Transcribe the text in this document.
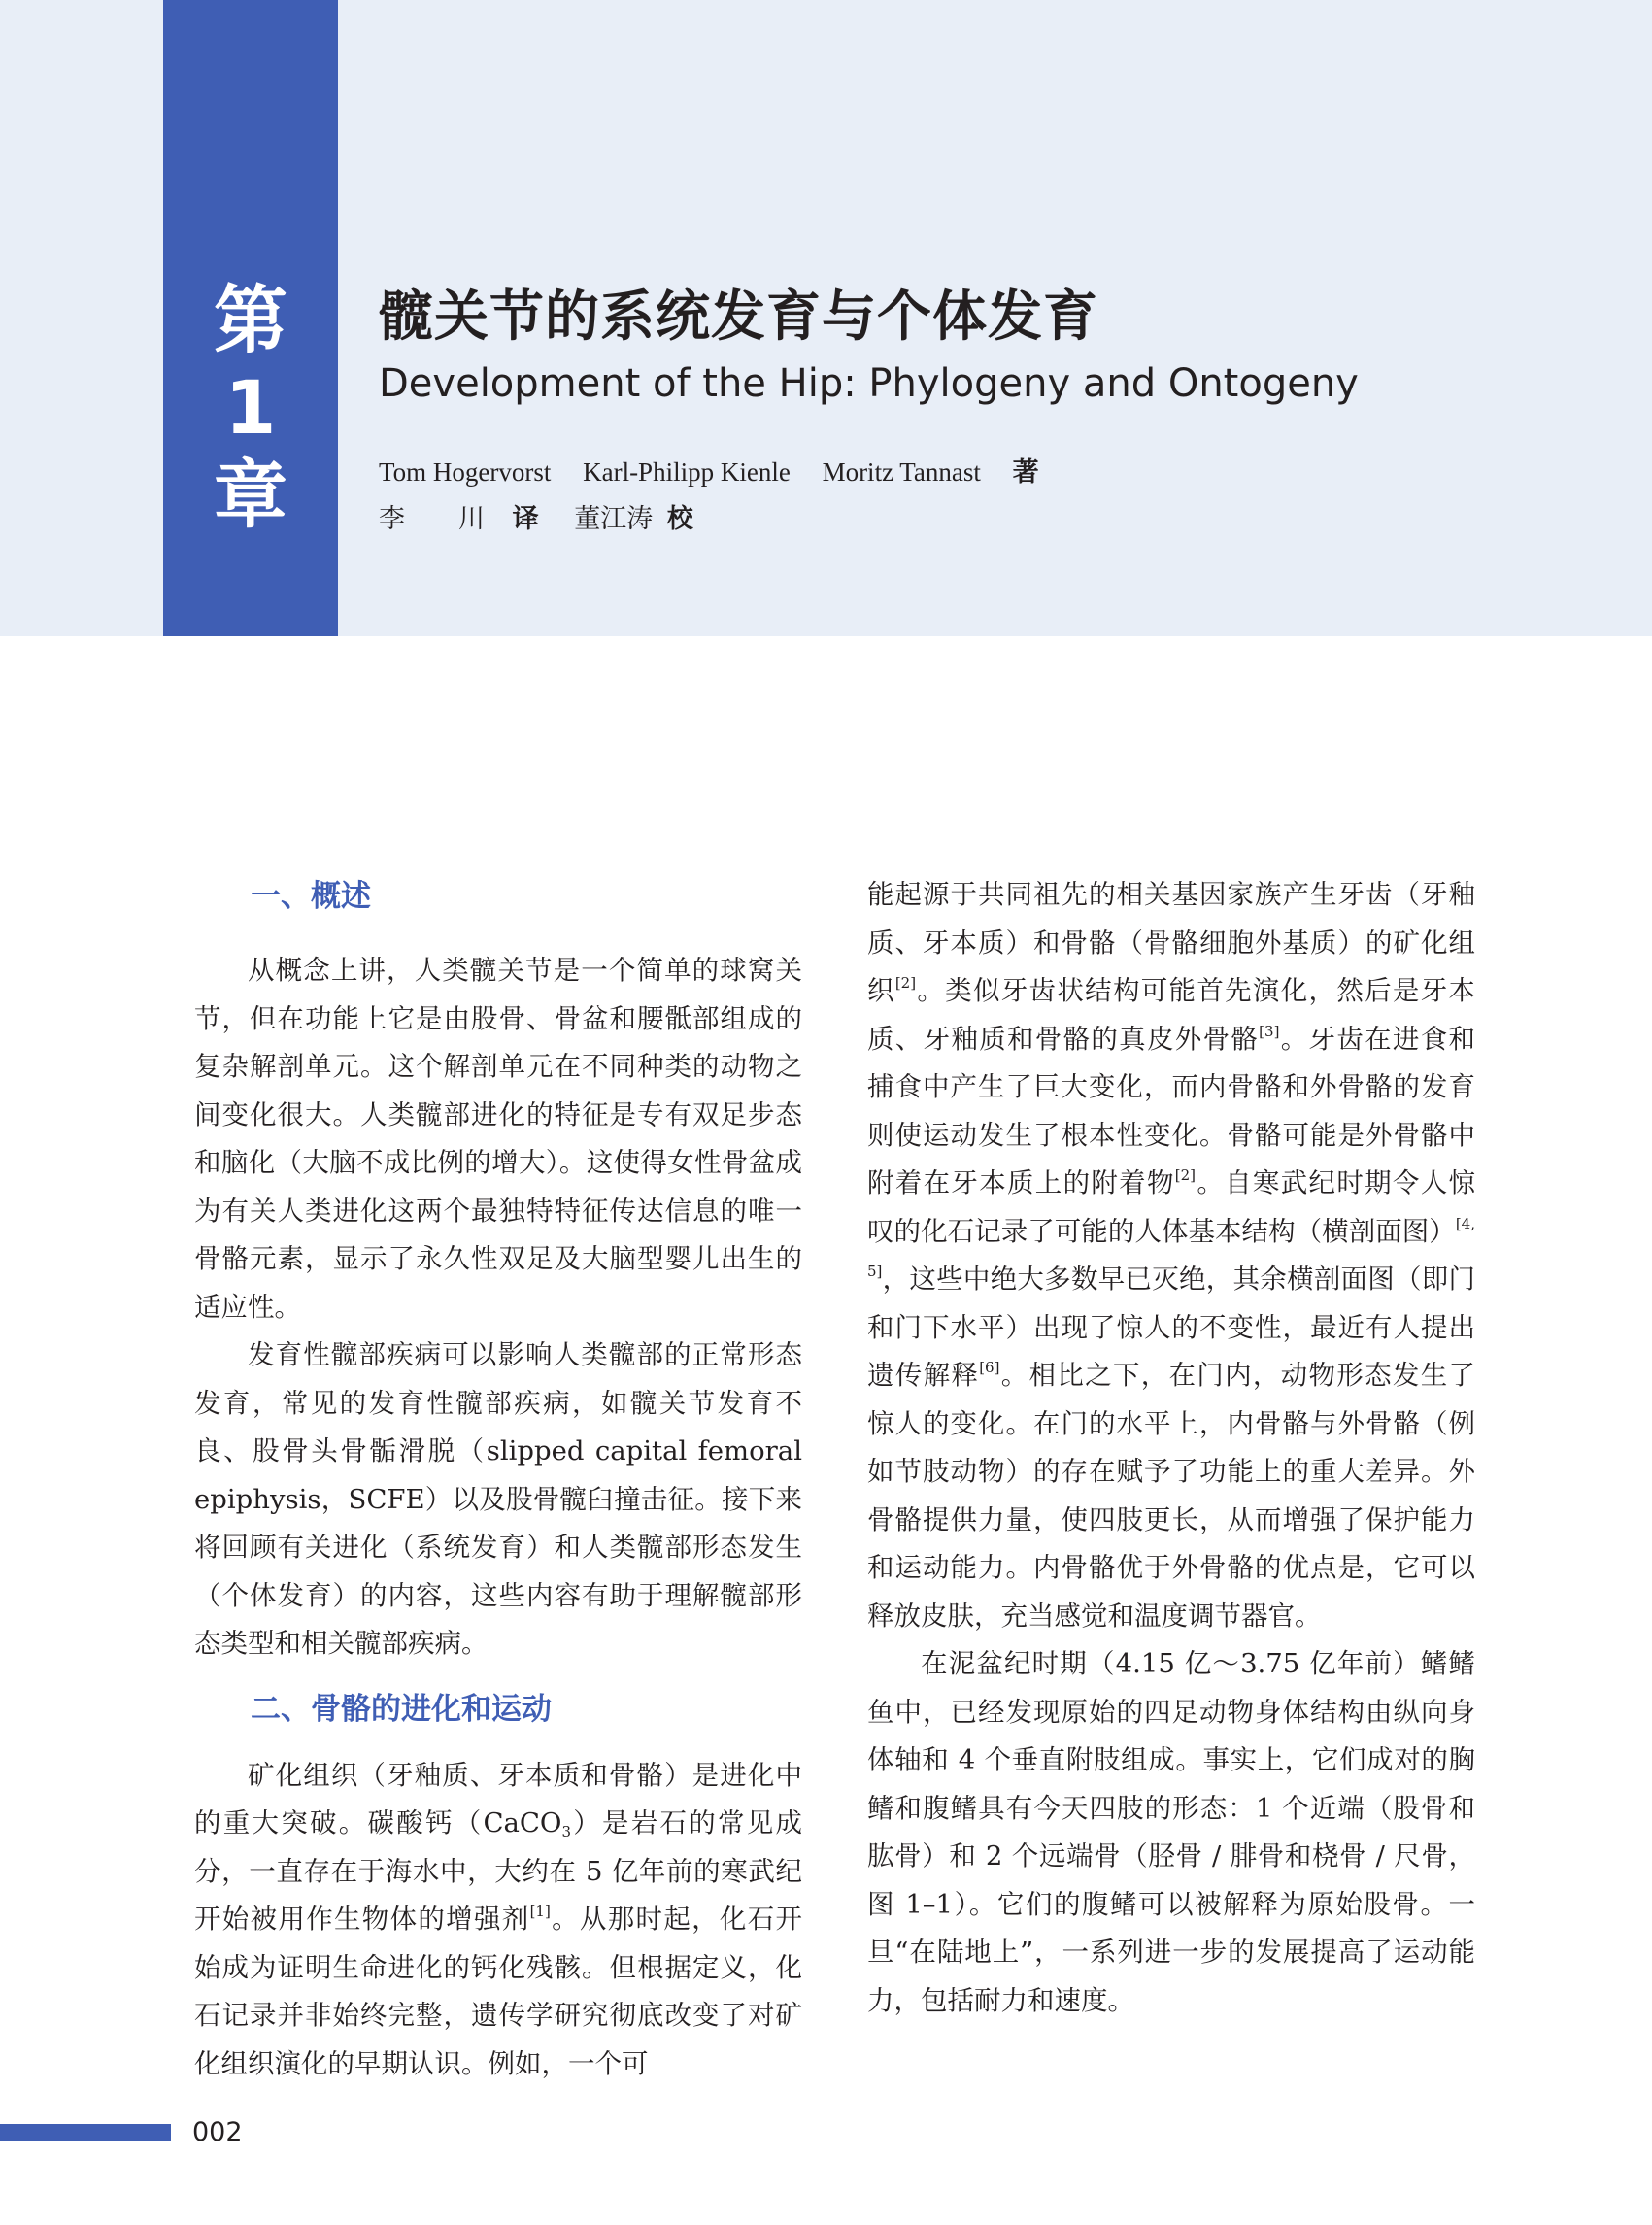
第
1
章
髋关节的系统发育与个体发育
Development of the Hip: Phylogeny and Ontogeny
Tom Hogervorst Karl-Philipp Kienle Moritz Tannast 著
李　川 译 董江涛 校
一、概述

从概念上讲，人类髋关节是一个简单的球窝关节，但在功能上它是由股骨、骨盆和腰骶部组成的复杂解剖单元。这个解剖单元在不同种类的动物之间变化很大。人类髋部进化的特征是专有双足步态和脑化（大脑不成比例的增大）。这使得女性骨盆成为有关人类进化这两个最独特特征传达信息的唯一骨骼元素，显示了永久性双足及大脑型婴儿出生的适应性。

发育性髋部疾病可以影响人类髋部的正常形态发育，常见的发育性髋部疾病，如髋关节发育不良、股骨头骨骺滑脱（slipped capital femoral epiphysis，SCFE）以及股骨髋臼撞击征。接下来将回顾有关进化（系统发育）和人类髋部形态发生（个体发育）的内容，这些内容有助于理解髋部形态类型和相关髋部疾病。

二、骨骼的进化和运动

矿化组织（牙釉质、牙本质和骨骼）是进化中的重大突破。碳酸钙（CaCO$_3$）是岩石的常见成分，一直存在于海水中，大约在 5 亿年前的寒武纪开始被用作生物体的增强剂[1]。从那时起，化石开始成为证明生命进化的钙化残骸。但根据定义，化石记录并非始终完整，遗传学研究彻底改变了对矿化组织演化的早期认识。例如，一个可

能起源于共同祖先的相关基因家族产生牙齿（牙釉质、牙本质）和骨骼（骨骼细胞外基质）的矿化组织[2]。类似牙齿状结构可能首先演化，然后是牙本质、牙釉质和骨骼的真皮外骨骼[3]。牙齿在进食和捕食中产生了巨大变化，而内骨骼和外骨骼的发育则使运动发生了根本性变化。骨骼可能是外骨骼中附着在牙本质上的附着物[2]。自寒武纪时期令人惊叹的化石记录了可能的人体基本结构（横剖面图）[4, 5]，这些中绝大多数早已灭绝，其余横剖面图（即门和门下水平）出现了惊人的不变性，最近有人提出遗传解释[6]。相比之下，在门内，动物形态发生了惊人的变化。在门的水平上，内骨骼与外骨骼（例如节肢动物）的存在赋予了功能上的重大差异。外骨骼提供力量，使四肢更长，从而增强了保护能力和运动能力。内骨骼优于外骨骼的优点是，它可以释放皮肤，充当感觉和温度调节器官。

在泥盆纪时期（4.15 亿～3.75 亿年前）鳍鳍鱼中，已经发现原始的四足动物身体结构由纵向身体轴和 4 个垂直附肢组成。事实上，它们成对的胸鳍和腹鳍具有今天四肢的形态：1 个近端（股骨和肱骨）和 2 个远端骨（胫骨 / 腓骨和桡骨 / 尺骨，图 1–1）。它们的腹鳍可以被解释为原始股骨。一旦“在陆地上”，一系列进一步的发展提高了运动能力，包括耐力和速度。

002
